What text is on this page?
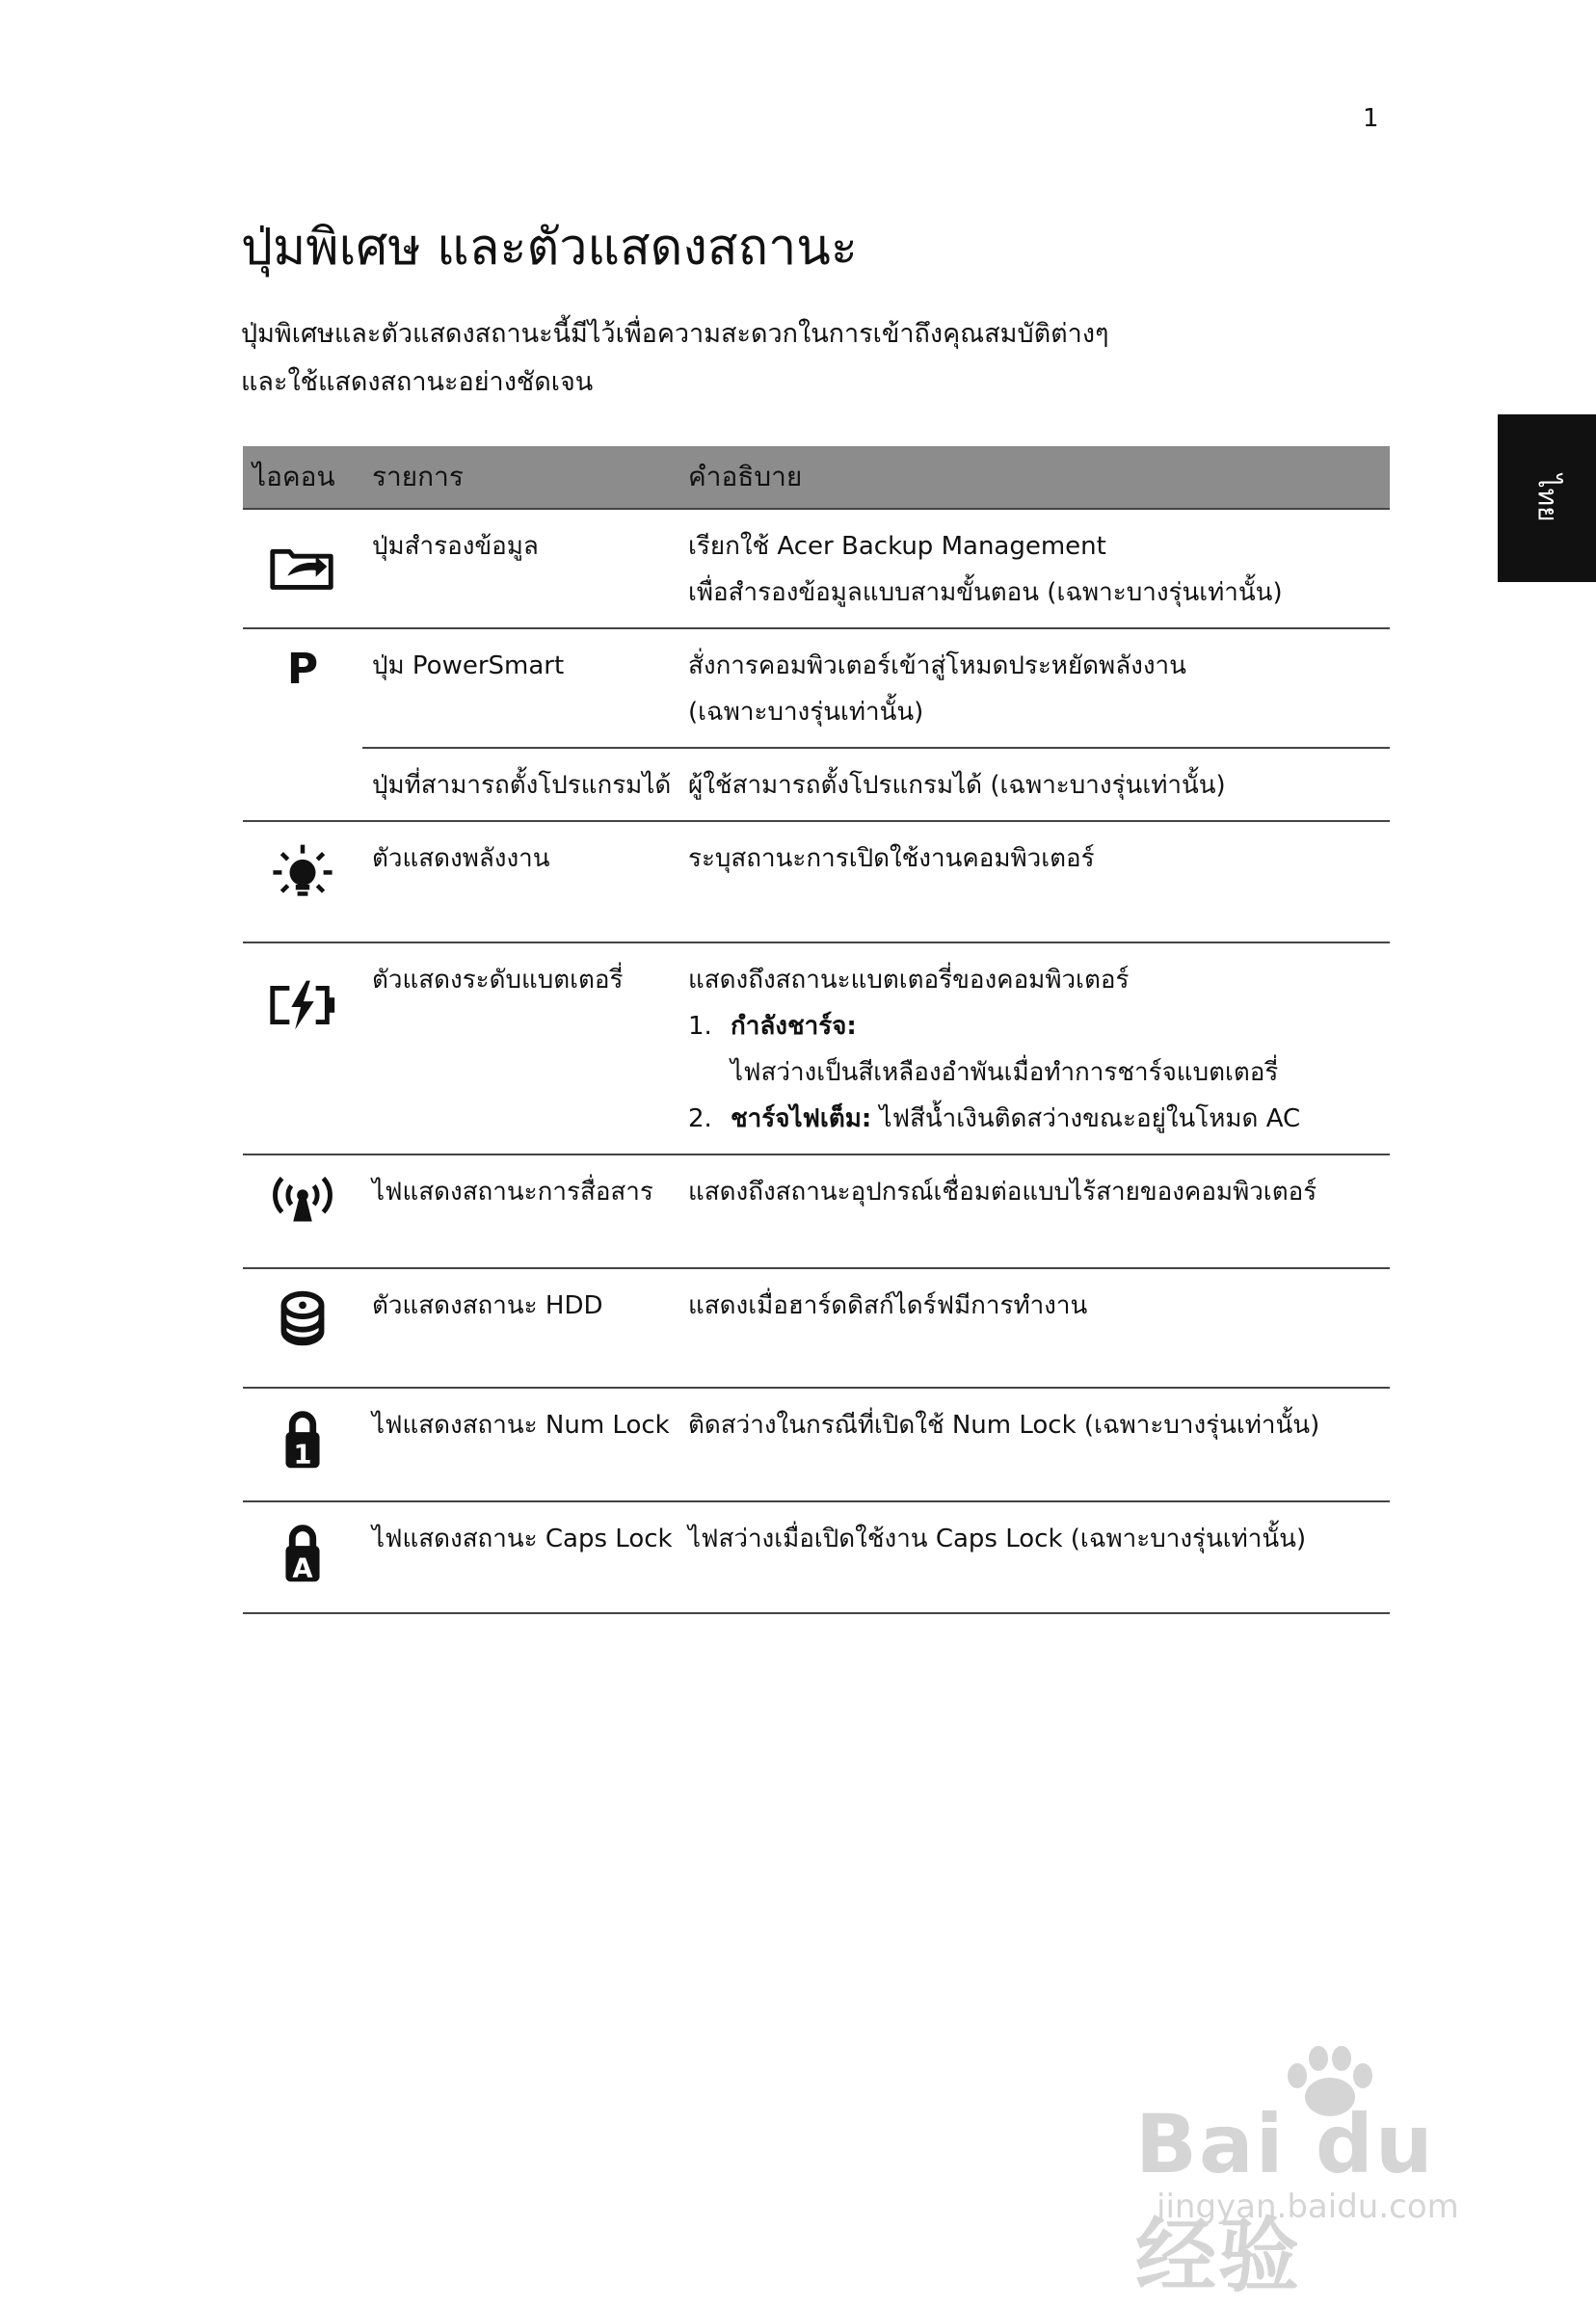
1
ไทย
ปุ่มพิเศษ และตัวแสดงสถานะ
ปุ่มพิเศษและตัวแสดงสถานะนี้มีไว้เพื่อความสะดวกในการเข้าถึงคุณสมบัติต่างๆ
และใช้แสดงสถานะอย่างชัดเจน
ไอคอน	รายการ	คำอธิบาย
	ปุ่มสำรองข้อมูล	เรียกใช้ Acer Backup Management
เพื่อสำรองข้อมูลแบบสามขั้นตอน (เฉพาะบางรุ่นเท่านั้น)

P	ปุ่ม PowerSmart	สั่งการคอมพิวเตอร์เข้าสู่โหมดประหยัดพลังงาน
(เฉพาะบางรุ่นเท่านั้น)

	ปุ่มที่สามารถตั้งโปรแกรมได้	ผู้ใช้สามารถตั้งโปรแกรมได้ (เฉพาะบางรุ่นเท่านั้น)
	ตัวแสดงพลังงาน	ระบุสถานะการเปิดใช้งานคอมพิวเตอร์
	ตัวแสดงระดับแบตเตอรี่	แสดงถึงสถานะแบตเตอรี่ของคอมพิวเตอร์
1. กำลังชาร์จ:
ไฟสว่างเป็นสีเหลืองอำพันเมื่อทำการชาร์จแบตเตอรี่
2. ชาร์จไฟเต็ม: ไฟสีน้ำเงินติดสว่างขณะอยู่ในโหมด AC

	ไฟแสดงสถานะการสื่อสาร	แสดงถึงสถานะอุปกรณ์เชื่อมต่อแบบไร้สายของคอมพิวเตอร์
	ตัวแสดงสถานะ HDD	แสดงเมื่อฮาร์ดดิสก์ไดร์ฟมีการทำงาน

1	ไฟแสดงสถานะ Num Lock	ติดสว่างในกรณีที่เปิดใช้ Num Lock (เฉพาะบางรุ่นเท่านั้น)

A	ไฟแสดงสถานะ Caps Lock	ไฟสว่างเมื่อเปิดใช้งาน Caps Lock (เฉพาะบางรุ่นเท่านั้น)
Bai du 经验
jingyan.baidu.com
